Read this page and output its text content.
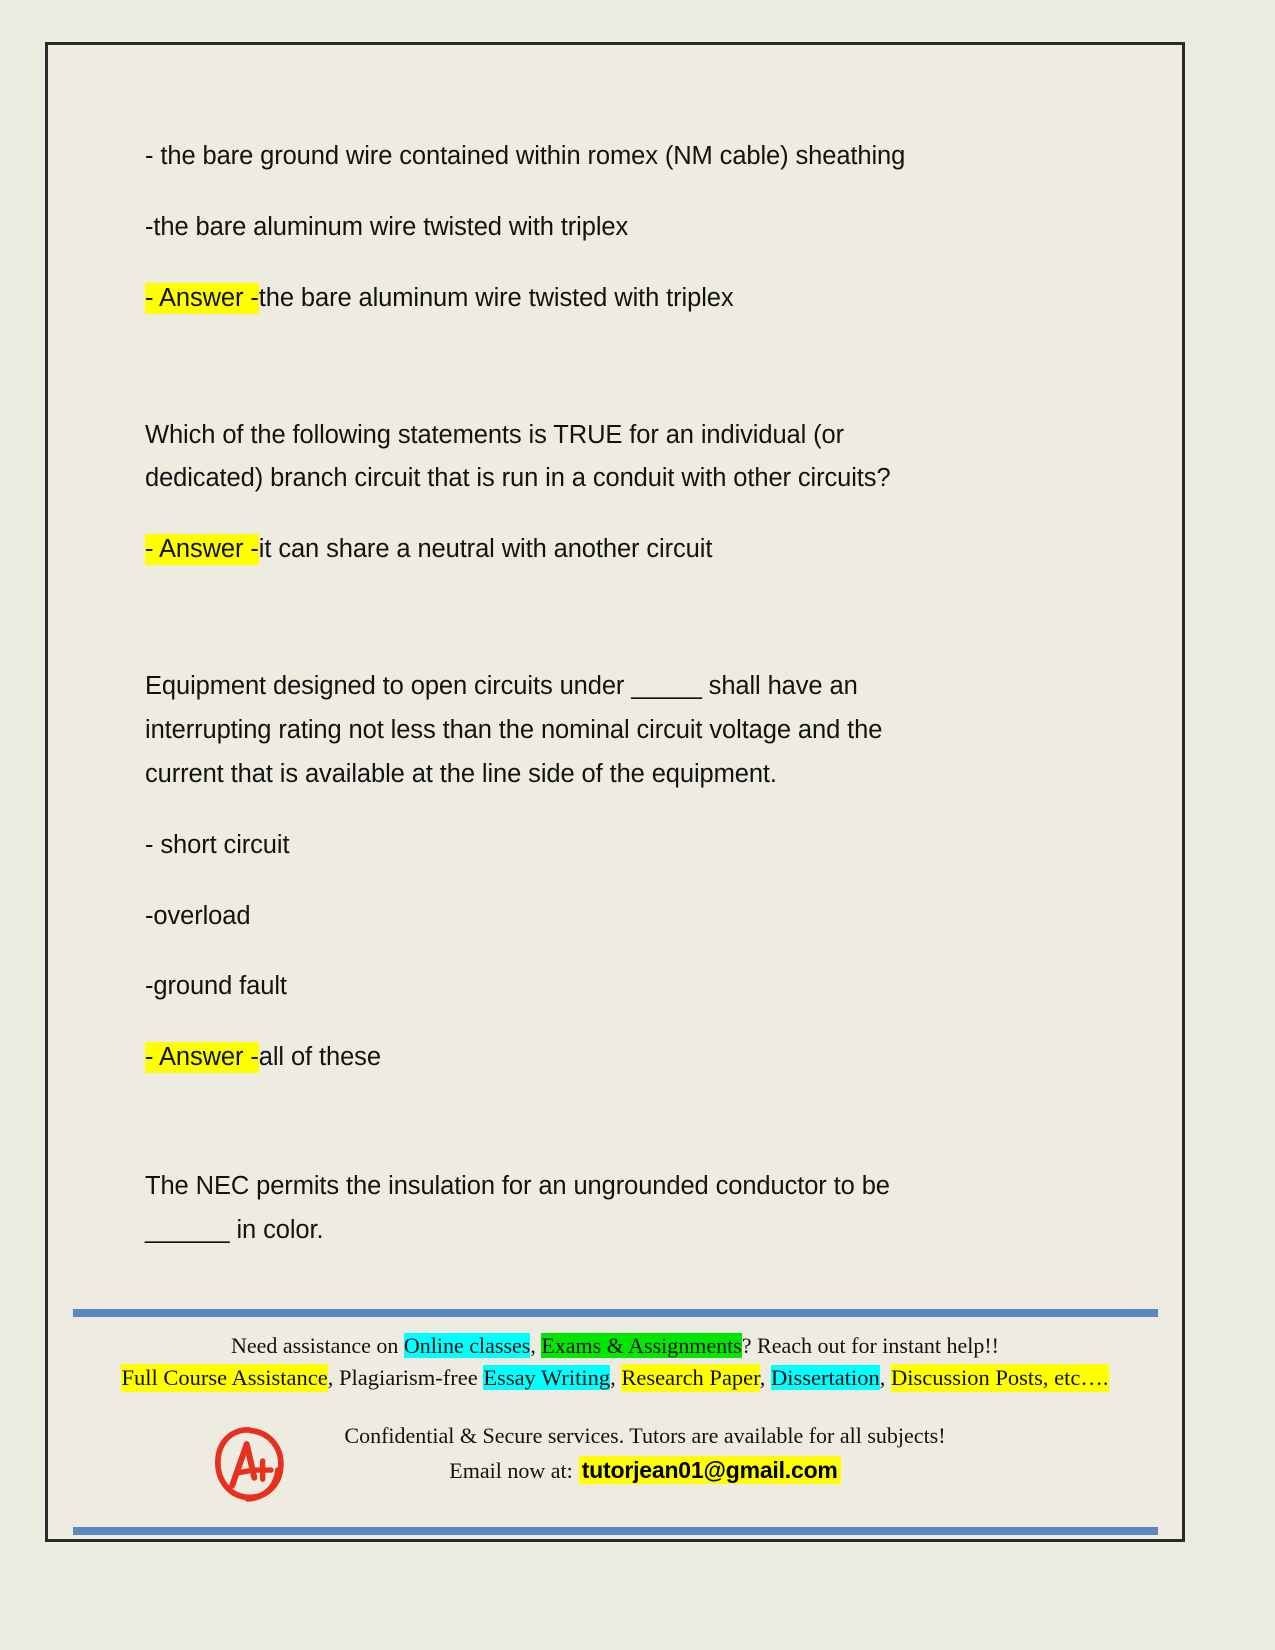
- the bare ground wire contained within romex (NM cable) sheathing

-the bare aluminum wire twisted with triplex

- Answer -the bare aluminum wire twisted with triplex

Which of the following statements is TRUE for an individual (or

dedicated) branch circuit that is run in a conduit with other circuits?

- Answer -it can share a neutral with another circuit

Equipment designed to open circuits under _____ shall have an

interrupting rating not less than the nominal circuit voltage and the

current that is available at the line side of the equipment.

- short circuit

-overload

-ground fault

- Answer -all of these

The NEC permits the insulation for an ungrounded conductor to be

______ in color.

Need assistance on Online classes, Exams & Assignments? Reach out for instant help!!
Full Course Assistance, Plagiarism-free Essay Writing, Research Paper, Dissertation, Discussion Posts, etc….
Confidential & Secure services. Tutors are available for all subjects!
Email now at: tutorjean01@gmail.com
